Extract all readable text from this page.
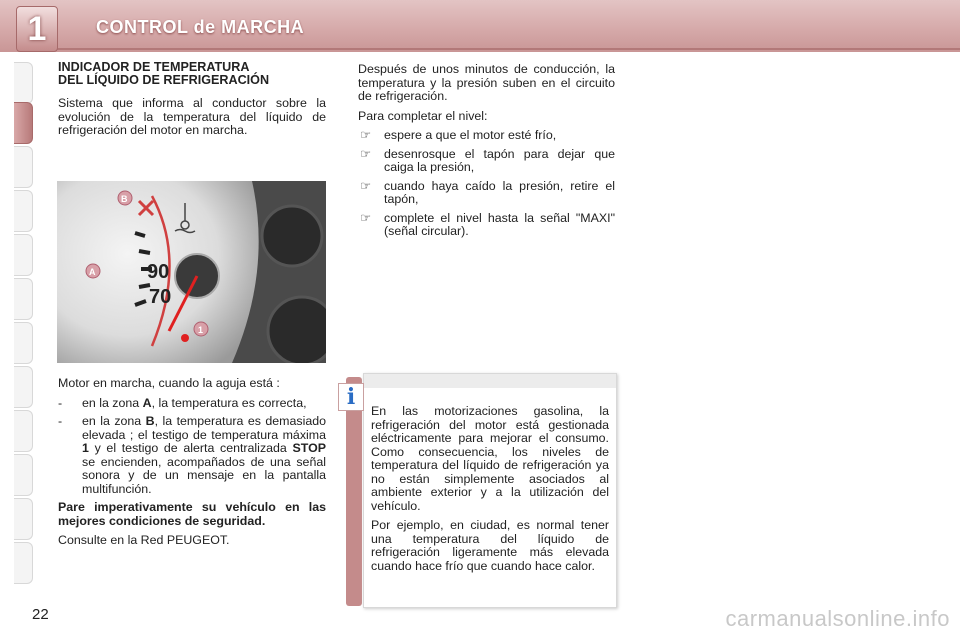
1	CONTROL de MARCHA
INDICADOR DE TEMPERATURA
DEL LÍQUIDO DE REFRIGERACIÓN

Sistema que informa al conductor sobre la evolución de la temperatura del líquido de refrigeración del motor en marcha.

B
A
1
90
70

Motor en marcha, cuando la aguja está :

-	en la zona A, la temperatura es correcta,
-	en la zona B, la temperatura es demasiado elevada ; el testigo de temperatura máxima 1 y el testigo de alerta centralizada STOP se encienden, acompañados de una señal sonora y de un mensaje en la pantalla multifunción.

Pare imperativamente su vehículo en las mejores condiciones de seguridad.

Consulte en la Red PEUGEOT.

Después de unos minutos de conducción, la temperatura y la presión suben en el circuito de refrigeración.

Para completar el nivel:

☞	espere a que el motor esté frío,
☞	desenrosque el tapón para dejar que caiga la presión,
☞	cuando haya caído la presión, retire el tapón,
☞	complete el nivel hasta la señal "MAXI" (señal circular).

En las motorizaciones gasolina, la refrigeración del motor está gestionada eléctricamente para mejorar el consumo. Como consecuencia, los niveles de temperatura del líquido de refrigeración ya no están simplemente asociados al ambiente exterior y a la utilización del vehículo.

Por ejemplo, en ciudad, es normal tener una temperatura del líquido de refrigeración ligeramente más elevada cuando hace frío que cuando hace calor.

i
22	carmanualsonline.info
